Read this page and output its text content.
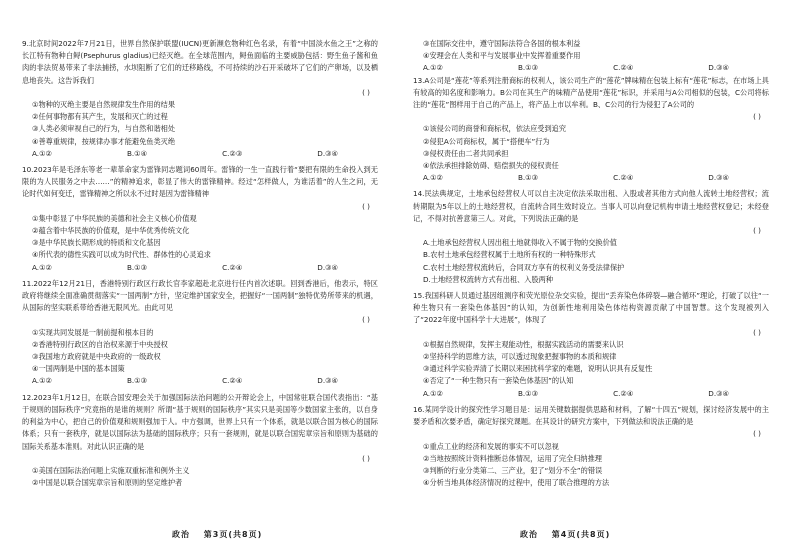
9.北京时间2022年7月21日，世界自然保护联盟(IUCN)更新濒危物种红色名录，有着“中国淡水鱼之王”之称的长江特有物种白鲟(Psephurus gladius)已经灭绝。在全球范围内，鲟鱼面临的主要威胁包括：野生鱼子酱和鱼肉的非法贸易带来了非法捕捞，水坝阻断了它们的迁移路线，不可持续的沙石开采破坏了它们的产卵场，以及栖息地丧失。这告诉我们
( )
①物种的灭绝主要是自然规律发生作用的结果
②任何事物都有其产生，发展和灭亡的过程
③人类必须审视自己的行为，与自然和谐相处
④善尊重规律，按规律办事才能避免鱼类灭绝
A.①②	B.①④	C.②③	D.③④
10.2023年是毛泽东等老一辈革命家为雷锋同志题词60周年。雷锋的一生一直践行着“要把有限的生命投入到无限的为人民服务之中去……”的精神追求，彰显了伟大的雷锋精神。经过“怎样做人，为谁活着”的人生之问，无论时代如何变迁，雷锋精神之所以永不过时是因为雷锋精神
( )
①集中彰显了中华民族的美德和社会主义核心价值观
②蕴含着中华民族的价值观，是中华优秀传统文化
③是中华民族长期形成的特质和文化基因
④所代表的德性实践可以成为时代性、群体性的心灵追求
A.①②	B.①③	C.②④	D.③④
11.2022年12月21日，香港特别行政区行政长官李家超赴北京进行任内首次述职。回到香港后，他表示，特区政府将继续全面准确贯彻落实“一国两制”方针，坚定维护国家安全，把握好“一国两制”独特优势所带来的机遇，从国际的坚实联系带给香港无限风光。由此可见
( )
①实现共同发展是一制前提和根本目的
②香港特别行政区的自治权来源于中央授权
③我国地方政府就是中央政府的一级政权
④一国两制是中国的基本国策
A.①②	B.①③	C.②④	D.③④
12.2023年1月12日，在联合国安理会关于加强国际法治问题的公开辩论会上，中国常驻联合国代表指出：“基于规则的国际秩序”究竟指的是谁的规则？所谓“基于规则的国际秩序”其实只是美国等少数国家主张的，以自身的利益为中心，把自己的价值观和规则强加于人。中方强调，世界上只有一个体系，就是以联合国为核心的国际体系；只有一套秩序，就是以国际法为基础的国际秩序；只有一套规则，就是以联合国宪章宗旨和原则为基础的国际关系基本准则。对此认识正确的是
( )
①美国在国际法治问题上实施双重标准和例外主义
②中国是以联合国宪章宗旨和原则的坚定维护者
③在国际交往中，遵守国际法符合各国的根本利益
④安理会在人类和平与发展事业中发挥着重要作用
A.①②	B.①③	C.②④	D.③④
13.A公司是“莲花”等系列注册商标的权利人，该公司生产的“莲花”牌味精在包装上标有“莲花”标志，在市场上具有较高的知名度和影响力。B公司在其生产的味精产品使用“莲花”标识，并采用与A公司相似的包装，C公司将标注的“莲花”图样用于自己的产品上，将产品上市以牟利。B、C公司的行为侵犯了A公司的
( )
①该侵公司的商誉和商标权，依法应受到追究
②侵犯A公司商标权，属于“搭便车”行为
③侵权责任由二者共同承担
④依法承担排除妨碍、赔偿损失的侵权责任
A.①②	B.①③	C.②④	D.③④
14.民法典规定，土地承包经营权人可以自主决定依法采取出租、入股或者其他方式向他人流转土地经营权；流转期限为5年以上的土地经营权，自流转合同生效时设立。当事人可以向登记机构申请土地经营权登记；未经登记，不得对抗善意第三人。对此，下列说法正确的是
( )
A.土地承包经营权人因出租土地就得收入不属于物的交换价值
B.农村土地承包经营权属于土地所有权的一种特殊形式
C.农村土地经营权流转后，合同双方享有的权利义务受法律保护
D.土地经营权流转方式有出租、入股两种
15.我国科研人员通过基因组测序和荧光原位杂交实验，提出“丢弃染色体碎裂—融合循环”理论，打破了以往“一种生物只有一套染色体基因”的认知，为创新性地利用染色体结构资源贡献了中国智慧。这个发现被列入了“2022年度中国科学十大进展”，体现了
( )
①根据自然规律，发挥主观能动性，根据实践活动的需要来认识
②坚持科学的思维方法，可以透过现象把握事物的本质和规律
③通过科学实验弄清了长期以来困扰科学家的难题，说明认识具有反复性
④否定了“一种生物只有一套染色体基因”的认知
A.①②	B.①③	C.②④	D.③④
16.某同学设计的探究性学习题目是：运用关键数据提供思路和材料，了解“十四五”规划，探讨经济发展中的主要矛盾和次要矛盾，确定好探究课题。在其设计的研究方案中，下列做法和说法正确的是
( )
①重点工业的经济和发展的事实不可以忽视
②当地按照统计资料推断总体情况，运用了完全归纳推理
③判断的行业分类第二、三产业，犯了“划分不全”的错误
④分析当地具体经济情况的过程中，使用了联合推理的方法
政治 第3页(共8页)	政治 第4页(共8页)
